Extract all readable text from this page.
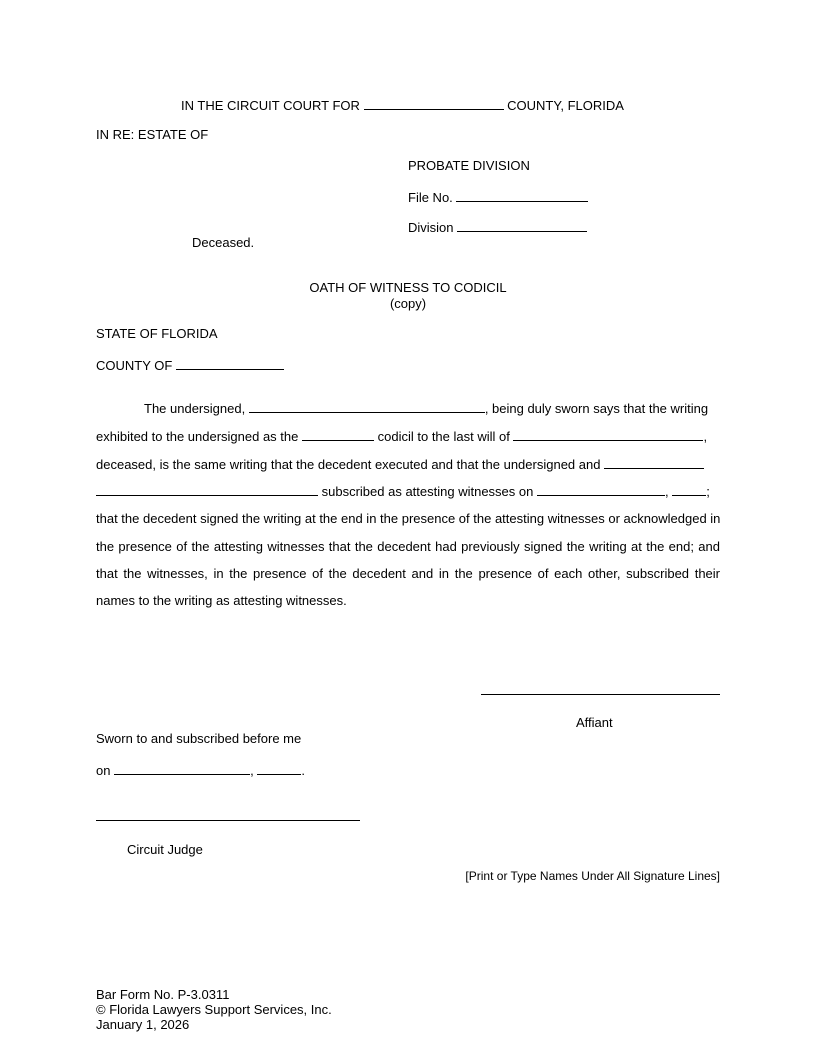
IN THE CIRCUIT COURT FOR	COUNTY, FLORIDA
IN RE: ESTATE OF
PROBATE DIVISION
File No.
Division
Deceased.
OATH OF WITNESS TO CODICIL
(copy)
STATE OF FLORIDA
COUNTY OF
The undersigned,	, being duly sworn says that the writing
exhibited to the undersigned as the	codicil to the last will of	,
deceased, is the same writing that the decedent executed and that the undersigned and
subscribed as attesting witnesses on	,	;
that the decedent signed the writing at the end in the presence of the attesting witnesses or acknowledged in
the presence of the attesting witnesses that the decedent had previously signed the writing at the end; and
that the witnesses, in the presence of the decedent and in the presence of each other, subscribed their
names to the writing as attesting witnesses.
Affiant
Sworn to and subscribed before me
on	,	.
Circuit Judge
[Print or Type Names Under All Signature Lines]
Bar Form No. P-3.0311
© Florida Lawyers Support Services, Inc.
January 1, 2026
